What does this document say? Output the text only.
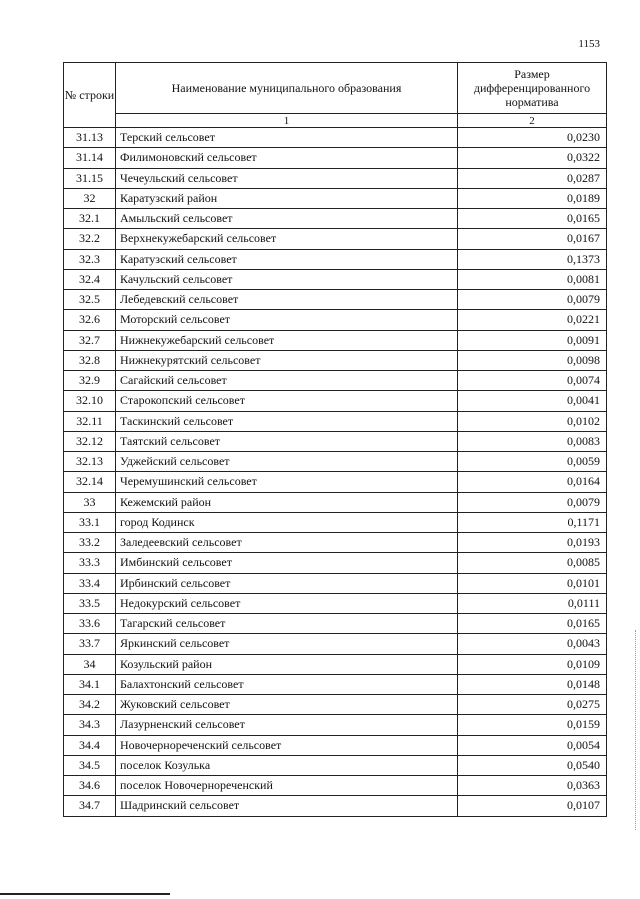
1153
№ строки	Наименование муниципального образования	Размер дифференцированного норматива
	1	2
31.13	Терский сельсовет	0,0230
31.14	Филимоновский сельсовет	0,0322
31.15	Чечеульский сельсовет	0,0287
32	Каратузский район	0,0189
32.1	Амыльский сельсовет	0,0165
32.2	Верхнекужебарский сельсовет	0,0167
32.3	Каратузский сельсовет	0,1373
32.4	Качульский сельсовет	0,0081
32.5	Лебедевский сельсовет	0,0079
32.6	Моторский сельсовет	0,0221
32.7	Нижнекужебарский сельсовет	0,0091
32.8	Нижнекурятский сельсовет	0,0098
32.9	Сагайский сельсовет	0,0074
32.10	Старокопский сельсовет	0,0041
32.11	Таскинский сельсовет	0,0102
32.12	Таятский сельсовет	0,0083
32.13	Уджейский сельсовет	0,0059
32.14	Черемушинский сельсовет	0,0164
33	Кежемский район	0,0079
33.1	город Кодинск	0,1171
33.2	Заледеевский сельсовет	0,0193
33.3	Имбинский сельсовет	0,0085
33.4	Ирбинский сельсовет	0,0101
33.5	Недокурский сельсовет	0,0111
33.6	Тагарский сельсовет	0,0165
33.7	Яркинский сельсовет	0,0043
34	Козульский район	0,0109
34.1	Балахтонский сельсовет	0,0148
34.2	Жуковский сельсовет	0,0275
34.3	Лазурненский сельсовет	0,0159
34.4	Новочернореченский сельсовет	0,0054
34.5	поселок Козулька	0,0540
34.6	поселок Новочернореченский	0,0363
34.7	Шадринский сельсовет	0,0107
